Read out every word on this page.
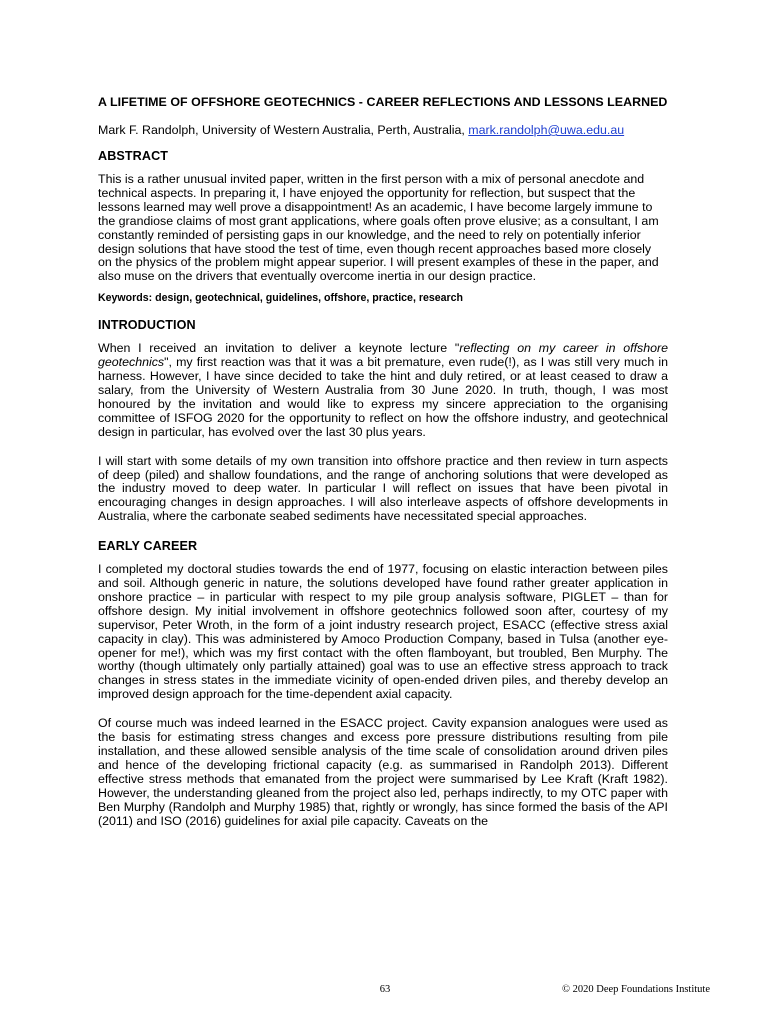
A LIFETIME OF OFFSHORE GEOTECHNICS - CAREER REFLECTIONS AND LESSONS LEARNED
Mark F. Randolph, University of Western Australia, Perth, Australia, mark.randolph@uwa.edu.au
ABSTRACT

This is a rather unusual invited paper, written in the first person with a mix of personal anecdote and technical aspects. In preparing it, I have enjoyed the opportunity for reflection, but suspect that the lessons learned may well prove a disappointment! As an academic, I have become largely immune to the grandiose claims of most grant applications, where goals often prove elusive; as a consultant, I am constantly reminded of persisting gaps in our knowledge, and the need to rely on potentially inferior design solutions that have stood the test of time, even though recent approaches based more closely on the physics of the problem might appear superior. I will present examples of these in the paper, and also muse on the drivers that eventually overcome inertia in our design practice.

Keywords: design, geotechnical, guidelines, offshore, practice, research
INTRODUCTION

When I received an invitation to deliver a keynote lecture "reflecting on my career in offshore geotechnics", my first reaction was that it was a bit premature, even rude(!), as I was still very much in harness. However, I have since decided to take the hint and duly retired, or at least ceased to draw a salary, from the University of Western Australia from 30 June 2020. In truth, though, I was most honoured by the invitation and would like to express my sincere appreciation to the organising committee of ISFOG 2020 for the opportunity to reflect on how the offshore industry, and geotechnical design in particular, has evolved over the last 30 plus years.

I will start with some details of my own transition into offshore practice and then review in turn aspects of deep (piled) and shallow foundations, and the range of anchoring solutions that were developed as the industry moved to deep water. In particular I will reflect on issues that have been pivotal in encouraging changes in design approaches. I will also interleave aspects of offshore developments in Australia, where the carbonate seabed sediments have necessitated special approaches.

EARLY CAREER

I completed my doctoral studies towards the end of 1977, focusing on elastic interaction between piles and soil. Although generic in nature, the solutions developed have found rather greater application in onshore practice – in particular with respect to my pile group analysis software, PIGLET – than for offshore design. My initial involvement in offshore geotechnics followed soon after, courtesy of my supervisor, Peter Wroth, in the form of a joint industry research project, ESACC (effective stress axial capacity in clay). This was administered by Amoco Production Company, based in Tulsa (another eye-opener for me!), which was my first contact with the often flamboyant, but troubled, Ben Murphy. The worthy (though ultimately only partially attained) goal was to use an effective stress approach to track changes in stress states in the immediate vicinity of open-ended driven piles, and thereby develop an improved design approach for the time-dependent axial capacity.

Of course much was indeed learned in the ESACC project. Cavity expansion analogues were used as the basis for estimating stress changes and excess pore pressure distributions resulting from pile installation, and these allowed sensible analysis of the time scale of consolidation around driven piles and hence of the developing frictional capacity (e.g. as summarised in Randolph 2013). Different effective stress methods that emanated from the project were summarised by Lee Kraft (Kraft 1982). However, the understanding gleaned from the project also led, perhaps indirectly, to my OTC paper with Ben Murphy (Randolph and Murphy 1985) that, rightly or wrongly, has since formed the basis of the API (2011) and ISO (2016) guidelines for axial pile capacity. Caveats on the

63	© 2020 Deep Foundations Institute
